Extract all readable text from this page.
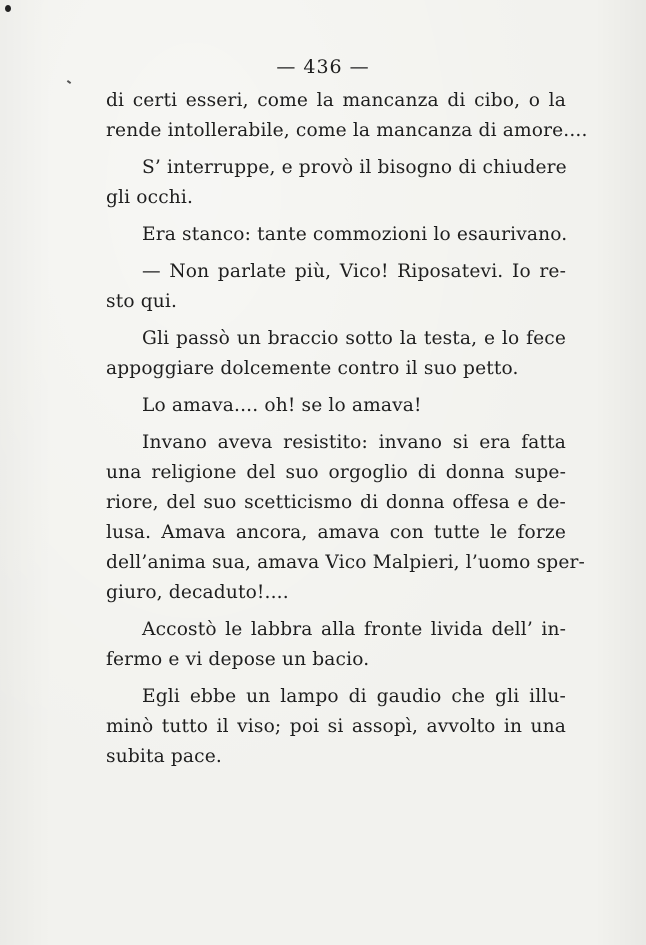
— 436 —
di certi esseri, come la mancanza di cibo, o la
rende intollerabile, come la mancanza di amore....
S’ interruppe, e provò il bisogno di chiudere
gli occhi.
Era stanco: tante commozioni lo esaurivano.
— Non parlate più, Vico! Riposatevi. Io re-
sto qui.
Gli passò un braccio sotto la testa, e lo fece
appoggiare dolcemente contro il suo petto.
Lo amava.... oh! se lo amava!
Invano aveva resistito: invano si era fatta
una religione del suo orgoglio di donna supe-
riore, del suo scetticismo di donna offesa e de-
lusa. Amava ancora, amava con tutte le forze
dell’anima sua, amava Vico Malpieri, l’uomo sper-
giuro, decaduto!....
Accostò le labbra alla fronte livida dell’ in-
fermo e vi depose un bacio.
Egli ebbe un lampo di gaudio che gli illu-
minò tutto il viso; poi si assopì, avvolto in una
subita pace.
